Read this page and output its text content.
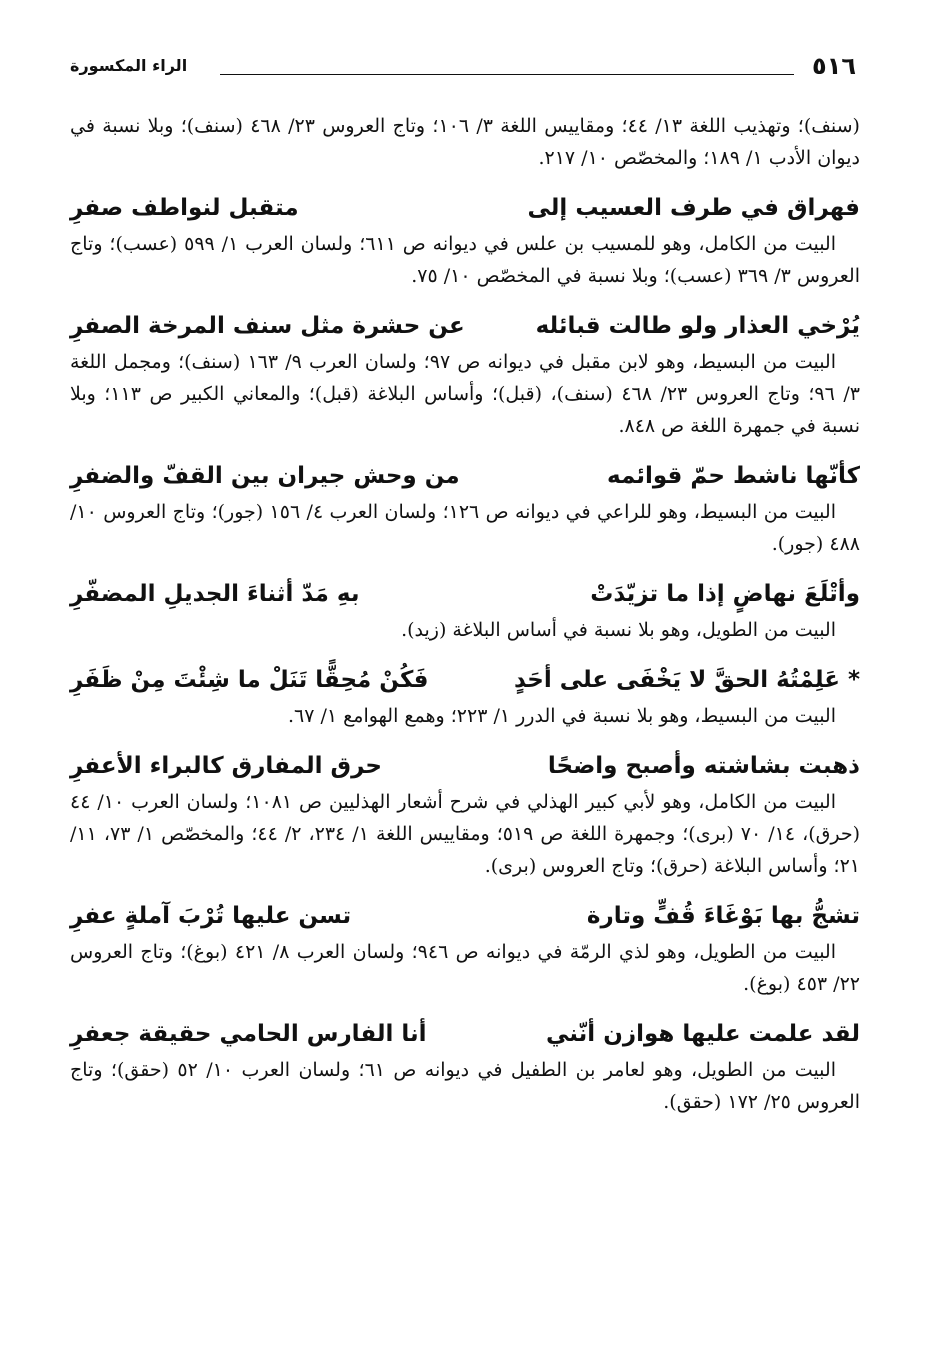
٥١٦
الراء المكسورة

(سنف)؛ وتهذيب اللغة ١٣/ ٤٤؛ ومقاييس اللغة ٣/ ١٠٦؛ وتاج العروس ٢٣/ ٤٦٨ (سنف)؛ وبلا نسبة في ديوان الأدب ١/ ١٨٩؛ والمخصّص ١٠/ ٢١٧.

فهراق في طرف العسيب إلى
متقبل لنواطف صفرِ

البيت من الكامل، وهو للمسيب بن علس في ديوانه ص ٦١١؛ ولسان العرب ١/ ٥٩٩ (عسب)؛ وتاج العروس ٣/ ٣٦٩ (عسب)؛ وبلا نسبة في المخصّص ١٠/ ٧٥.

يُرْخي العذار ولو طالت قبائله
عن حشرة مثل سنف المرخة الصفرِ

البيت من البسيط، وهو لابن مقبل في ديوانه ص ٩٧؛ ولسان العرب ٩/ ١٦٣ (سنف)؛ ومجمل اللغة ٣/ ٩٦؛ وتاج العروس ٢٣/ ٤٦٨ (سنف)، (قبل)؛ وأساس البلاغة (قبل)؛ والمعاني الكبير ص ١١٣؛ وبلا نسبة في جمهرة اللغة ص ٨٤٨.

كأنّها ناشط حمّ قوائمه
من وحش جيران بين القفّ والضفرِ

البيت من البسيط، وهو للراعي في ديوانه ص ١٢٦؛ ولسان العرب ٤/ ١٥٦ (جور)؛ وتاج العروس ١٠/ ٤٨٨ (جور).

وأتْلَعَ نهاضٍ إذا ما تزيّدَتْ
بهِ مَدّ أثناءَ الجديلِ المضفّرِ

البيت من الطويل، وهو بلا نسبة في أساس البلاغة (زيد).

* عَلِمْتُهُ الحقَّ لا يَخْفَى على أحَدٍ
فَكُنْ مُحِقًّا تَنَلْ ما شِئْتَ مِنْ ظَفَرِ

البيت من البسيط، وهو بلا نسبة في الدرر ١/ ٢٢٣؛ وهمع الهوامع ١/ ٦٧.

ذهبت بشاشته وأصبح واضحًا
حرق المفارق كالبراء الأعفرِ

البيت من الكامل، وهو لأبي كبير الهذلي في شرح أشعار الهذليين ص ١٠٨١؛ ولسان العرب ١٠/ ٤٤ (حرق)، ١٤/ ٧٠ (برى)؛ وجمهرة اللغة ص ٥١٩؛ ومقاييس اللغة ١/ ٢٣٤، ٢/ ٤٤؛ والمخصّص ١/ ٧٣، ١١/ ٢١؛ وأساس البلاغة (حرق)؛ وتاج العروس (برى).

تشجُّ بها بَوْغَاءَ قُفٍّ وتارة
تسن عليها تُرْبَ آملةٍ عفرِ

البيت من الطويل، وهو لذي الرمّة في ديوانه ص ٩٤٦؛ ولسان العرب ٨/ ٤٢١ (بوغ)؛ وتاج العروس ٢٢/ ٤٥٣ (بوغ).

لقد علمت عليها هوازن أنّني
أنا الفارس الحامي حقيقة جعفرِ

البيت من الطويل، وهو لعامر بن الطفيل في ديوانه ص ٦١؛ ولسان العرب ١٠/ ٥٢ (حقق)؛ وتاج العروس ٢٥/ ١٧٢ (حقق).
